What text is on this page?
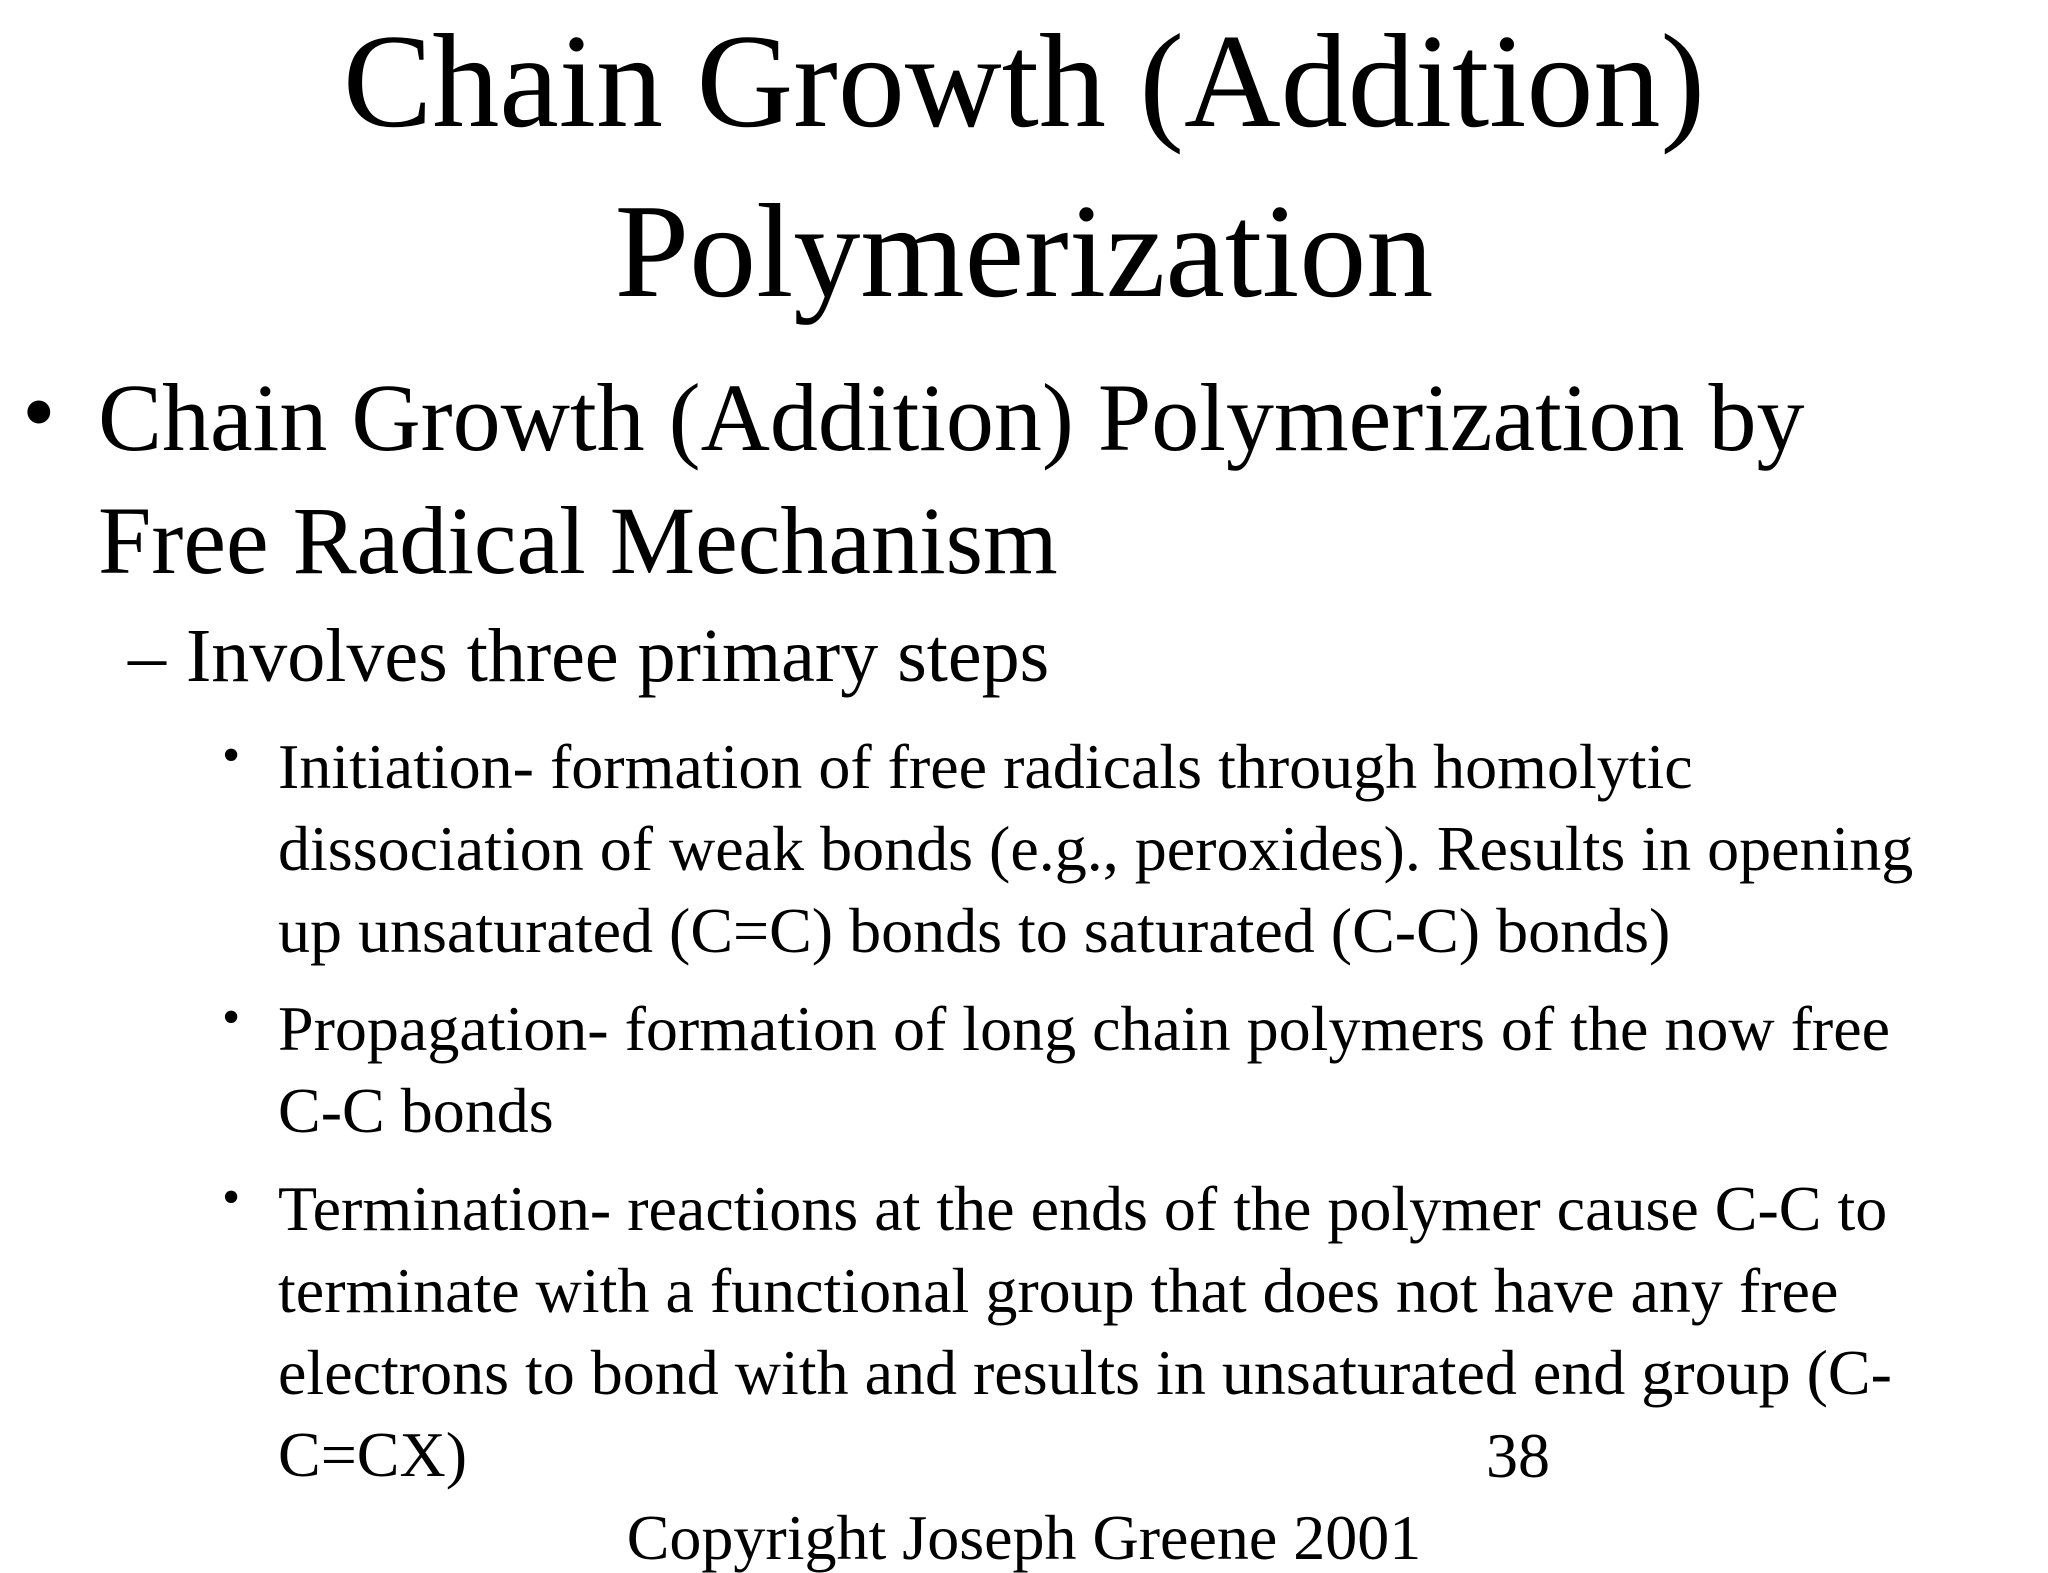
Chain Growth (Addition)
Polymerization
• Chain Growth (Addition) Polymerization by
Free Radical Mechanism
– Involves three primary steps
• Initiation- formation of free radicals through homolytic
dissociation of weak bonds (e.g., peroxides). Results in opening
up unsaturated (C=C) bonds to saturated (C-C) bonds)
• Propagation- formation of long chain polymers of the now free
C-C bonds
• Termination- reactions at the ends of the polymer cause C-C to
terminate with a functional group that does not have any free
electrons to bond with and results in unsaturated end group (C-
C=CX)	38
Copyright Joseph Greene 2001
